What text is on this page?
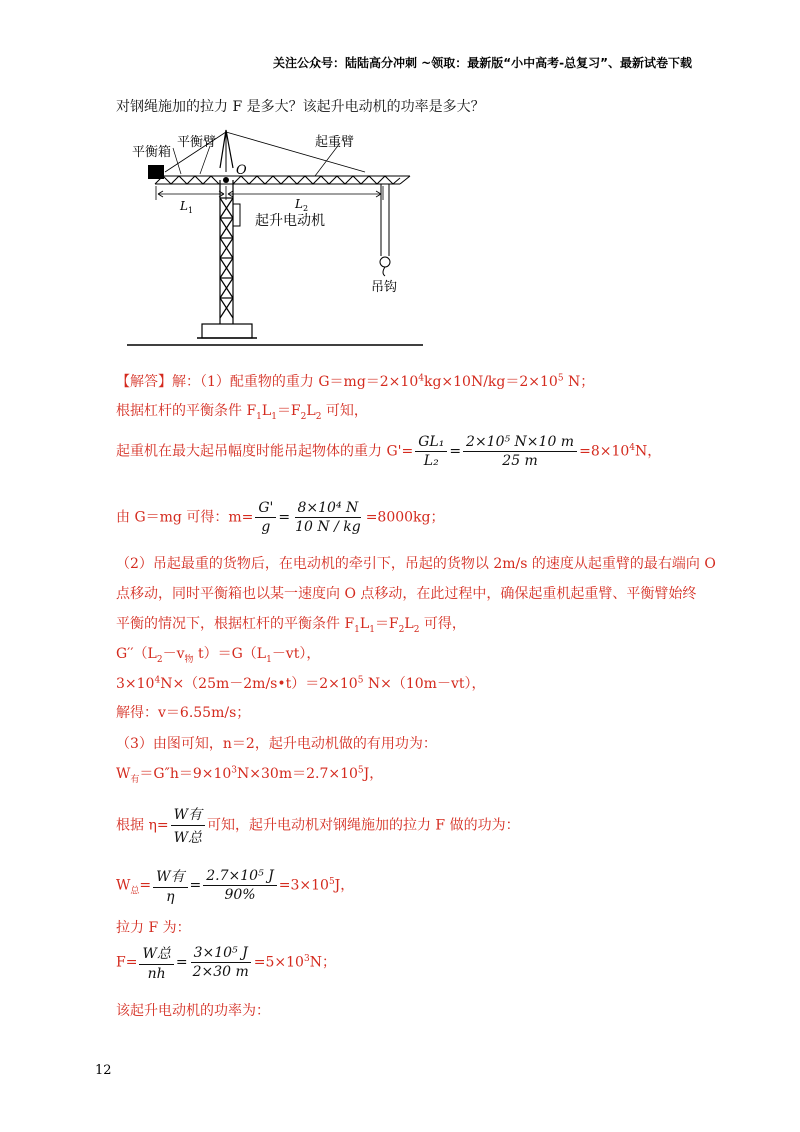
关注公众号：陆陆高分冲刺 ~领取：最新版“小中高考-总复习”、最新试卷下载
对钢绳施加的拉力 F 是多大？该起升电动机的功率是多大？
平衡箱
平衡臂
O
起重臂
L 1	L 2
起升电动机
吊钩
【解答】解：（1）配重物的重力 $G=mg=2\times 10^4kg\times 10N/kg=2\times 10^5$ N；
根据杠杆的平衡条件 $F_1L_1=F_2L_2$ 可知，
起重机在最大起吊幅度时能吊起物体的重力 $G'= \frac{\text{GL₁}}{\text{L₂}} = \frac{\text{2×10⁵ N×10 m}}{25 m} =8\times 10^4N$，
由 G＝mg 可得：$m= \frac{G'}{g} = \frac{\text{8×10⁴ N}}{10 N / kg} =8000kg$；
（2）吊起最重的货物后，在电动机的牵引下，吊起的货物以 2m/s 的速度从起重臂的最右端向 O
点移动，同时平衡箱也以某一速度向 O 点移动，在此过程中，确保起重机起重臂、平衡臂始终
平衡的情况下，根据杠杆的平衡条件 $F_1L_1=F_2L_2$ 可得，
$G''(L_2-v_物$ $t)=G(L_1-vt)$，
$3\times 10^4N\times(25m-2m/s•t)=2\times 10^5$ N×（10m－vt），
解得：v＝6.55m/s；
（3）由图可知，n＝2，起升电动机做的有用功为：
$W_有=G''h=9\times 10^3N\times 30m=2.7\times 10^5J$，
根据 $\eta= \frac{\text{W有}}{\text{W总}}$ 可知，起升电动机对钢绳施加的拉力 F 做的功为：
$W_总= \frac{\text{W有}}{\eta} = \frac{\text{2.7×10⁵ J}}{90\%} =3\times 10^5J$，
拉力 F 为：
$F= \frac{\text{W总}}{nh} = \frac{\text{3×10⁵ J}}{2\times 30 m} =5\times 10^3N$；
该起升电动机的功率为：
12
